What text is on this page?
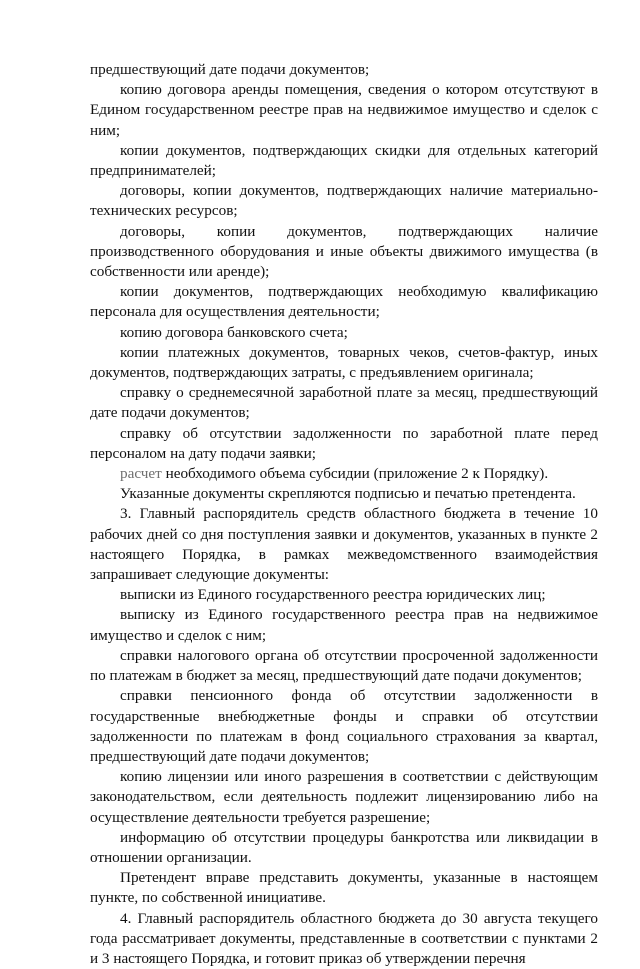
предшествующий дате подачи документов;

копию договора аренды помещения, сведения о котором отсутствуют в Едином государственном реестре прав на недвижимое имущество и сделок с ним;

копии документов, подтверждающих скидки для отдельных категорий предпринимателей;

договоры, копии документов, подтверждающих наличие материально-технических ресурсов;

договоры, копии документов, подтверждающих наличие производственного оборудования и иные объекты движимого имущества (в собственности или аренде);

копии документов, подтверждающих необходимую квалификацию персонала для осуществления деятельности;

копию договора банковского счета;

копии платежных документов, товарных чеков, счетов-фактур, иных документов, подтверждающих затраты, с предъявлением оригинала;

справку о среднемесячной заработной плате за месяц, предшествующий дате подачи документов;

справку об отсутствии задолженности по заработной плате перед персоналом на дату подачи заявки;

расчет необходимого объема субсидии (приложение 2 к Порядку).

Указанные документы скрепляются подписью и печатью претендента.

3. Главный распорядитель средств областного бюджета в течение 10 рабочих дней со дня поступления заявки и документов, указанных в пункте 2 настоящего Порядка, в рамках межведомственного взаимодействия запрашивает следующие документы:

выписки из Единого государственного реестра юридических лиц;

выписку из Единого государственного реестра прав на недвижимое имущество и сделок с ним;

справки налогового органа об отсутствии просроченной задолженности по платежам в бюджет за месяц, предшествующий дате подачи документов;

справки пенсионного фонда об отсутствии задолженности в государственные внебюджетные фонды и справки об отсутствии задолженности по платежам в фонд социального страхования за квартал, предшествующий дате подачи документов;

копию лицензии или иного разрешения в соответствии с действующим законодательством, если деятельность подлежит лицензированию либо на осуществление деятельности требуется разрешение;

информацию об отсутствии процедуры банкротства или ликвидации в отношении организации.

Претендент вправе представить документы, указанные в настоящем пункте, по собственной инициативе.

4. Главный распорядитель областного бюджета до 30 августа текущего года рассматривает документы, представленные в соответствии с пунктами 2 и 3 настоящего Порядка, и готовит приказ об утверждении перечня
